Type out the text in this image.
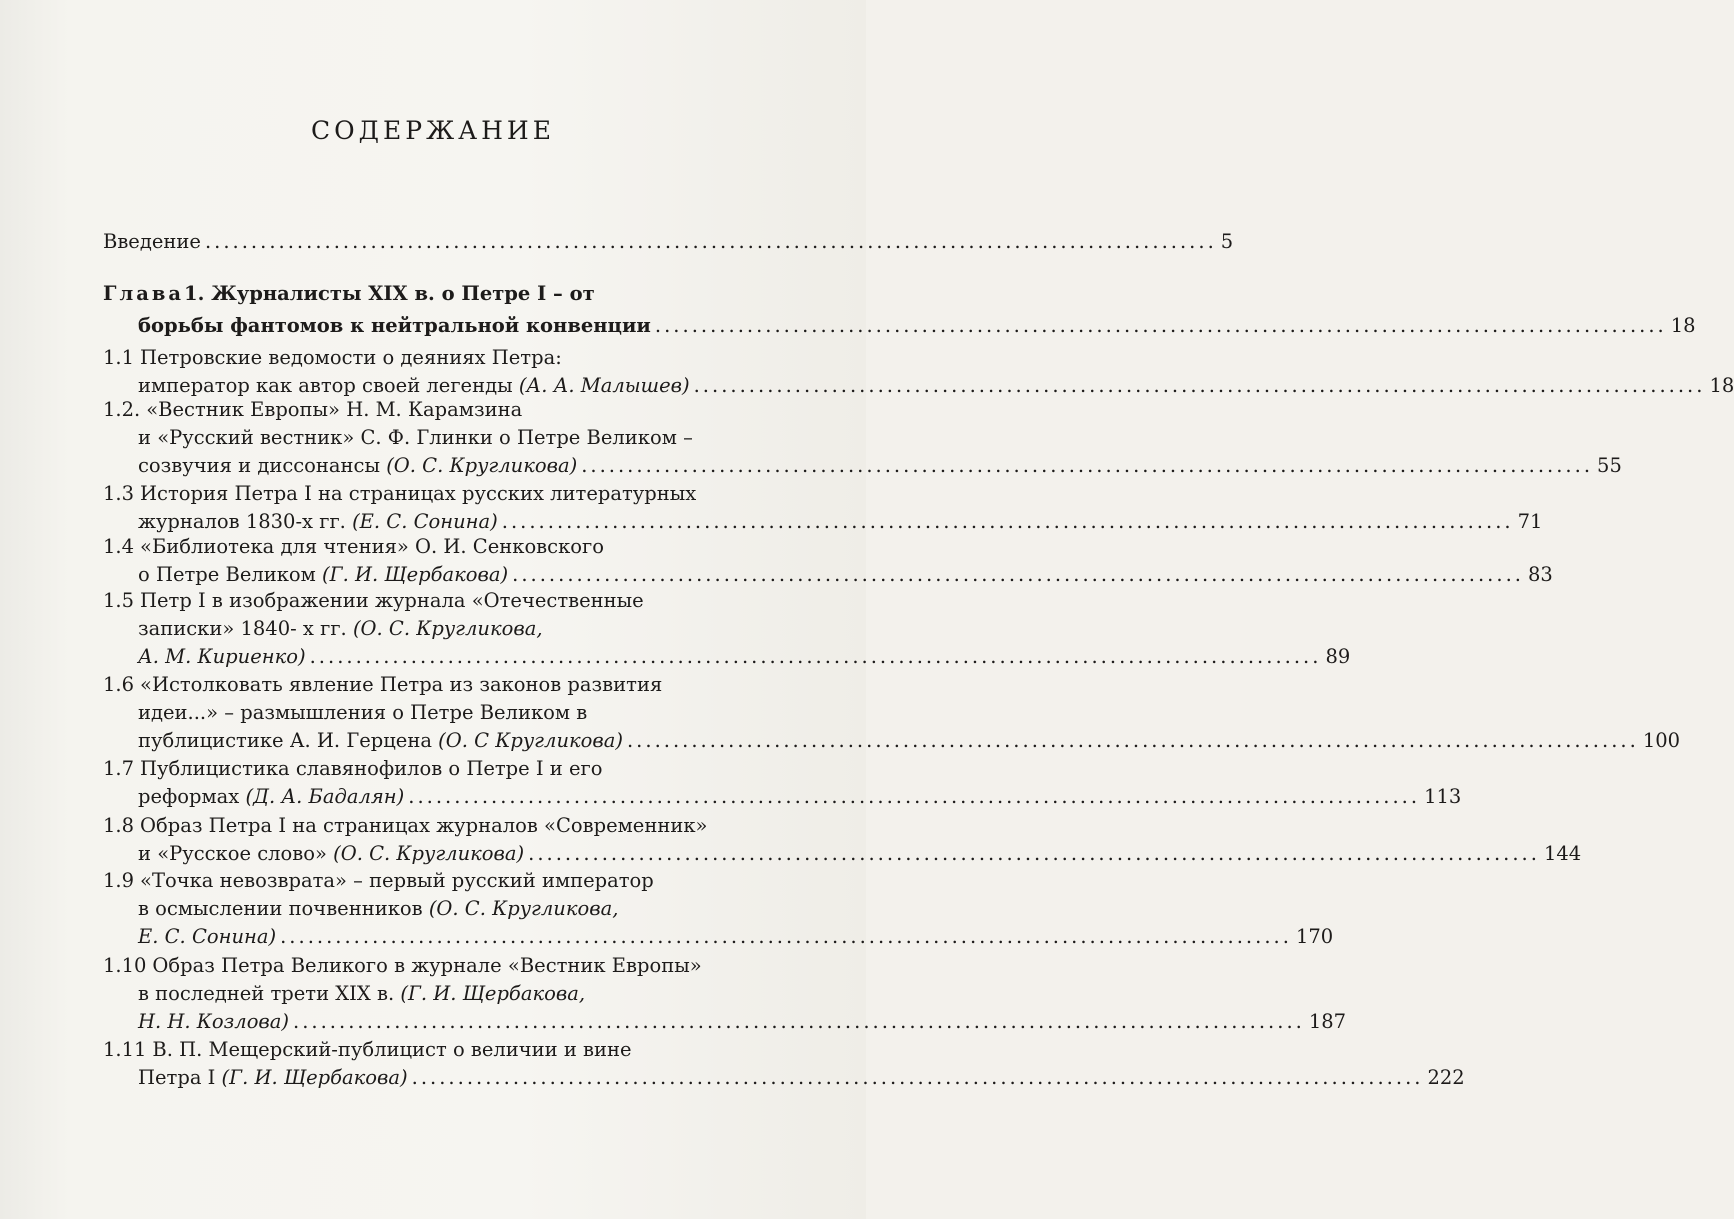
СОДЕРЖАНИЕ
Введение .............................................................................................................. 5
Глава 1. Журналисты XIX в. о Петре I – от
борьбы фантомов к нейтральной конвенции .............................................................................................................. 18
1.1 Петровские ведомости о деяниях Петра:
император как автор своей легенды (А. А. Малышев) .............................................................................................................. 18
1.2. «Вестник Европы» Н. М. Карамзина
и «Русский вестник» С. Ф. Глинки о Петре Великом –
созвучия и диссонансы (О. С. Кругликова) .............................................................................................................. 55
1.3 История Петра I на страницах русских литературных
журналов 1830-х гг. (Е. С. Сонина) .............................................................................................................. 71
1.4 «Библиотека для чтения» О. И. Сенковского
о Петре Великом (Г. И. Щербакова) .............................................................................................................. 83
1.5 Петр I в изображении журнала «Отечественные
записки» 1840- х гг. (О. С. Кругликова,
А. М. Кириенко) .............................................................................................................. 89
1.6 «Истолковать явление Петра из законов развития
идеи...» – размышления о Петре Великом в
публицистике А. И. Герцена (О. С Кругликова) .............................................................................................................. 100
1.7 Публицистика славянофилов о Петре I и его
реформах (Д. А. Бадалян) .............................................................................................................. 113
1.8 Образ Петра I на страницах журналов «Современник»
и «Русское слово» (О. С. Кругликова) .............................................................................................................. 144
1.9 «Точка невозврата» – первый русский император
в осмыслении почвенников (О. С. Кругликова,
Е. С. Сонина) .............................................................................................................. 170
1.10 Образ Петра Великого в журнале «Вестник Европы»
в последней трети XIX в. (Г. И. Щербакова,
Н. Н. Козлова) .............................................................................................................. 187
1.11 В. П. Мещерский-публицист о величии и вине
Петра I (Г. И. Щербакова) .............................................................................................................. 222
